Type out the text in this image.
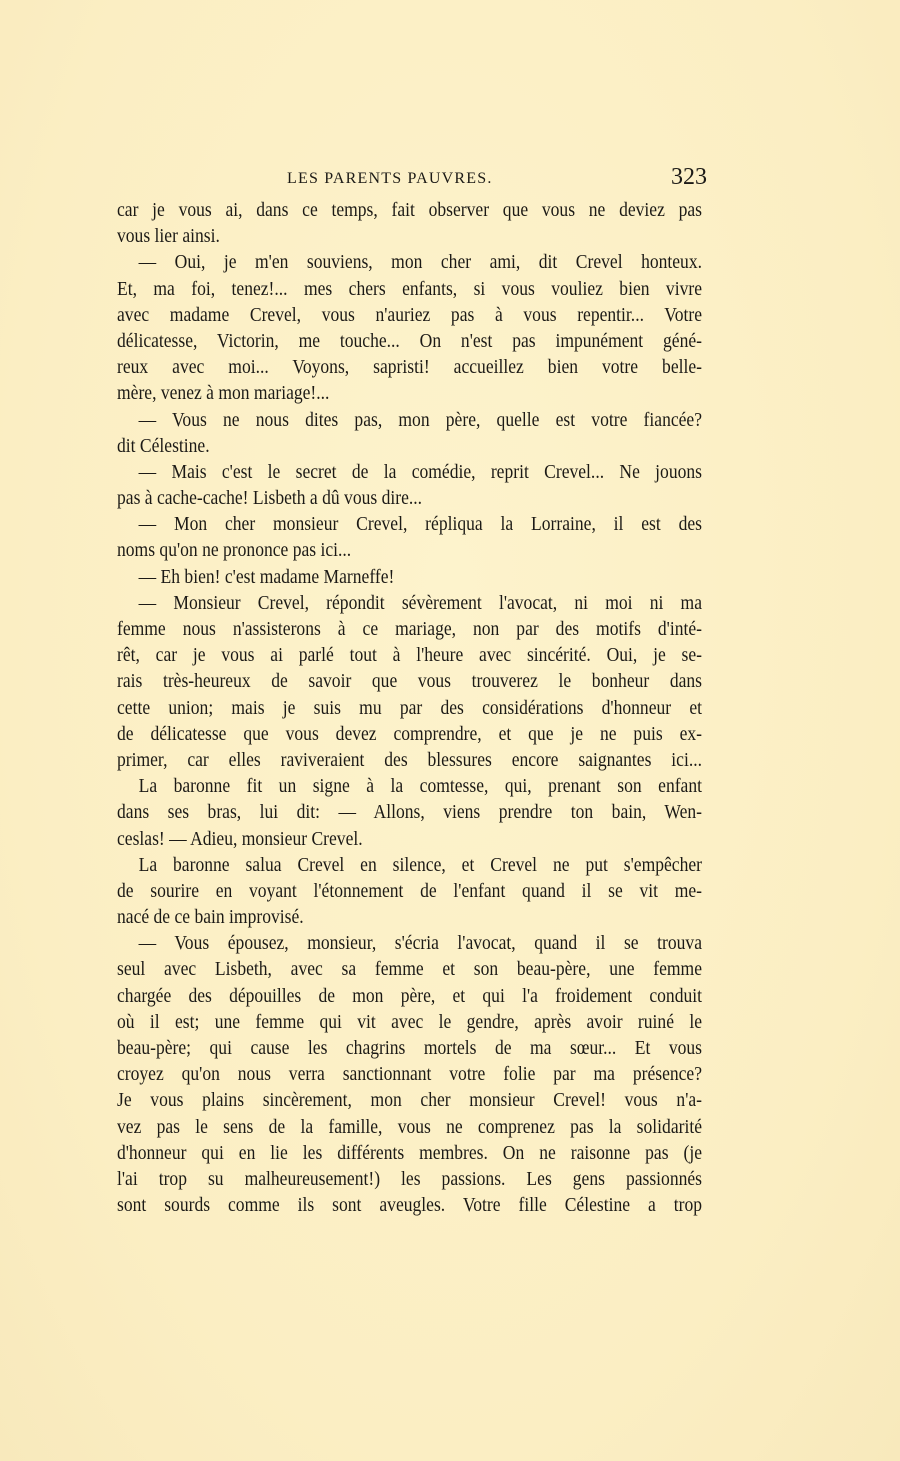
LES PARENTS PAUVRES.	323
car je vous ai, dans ce temps, fait observer que vous ne deviez pas
vous lier ainsi.
— Oui, je m'en souviens, mon cher ami, dit Crevel honteux.
Et, ma foi, tenez!... mes chers enfants, si vous vouliez bien vivre
avec madame Crevel, vous n'auriez pas à vous repentir... Votre
délicatesse, Victorin, me touche... On n'est pas impunément géné-
reux avec moi... Voyons, sapristi! accueillez bien votre belle-
mère, venez à mon mariage!...
— Vous ne nous dites pas, mon père, quelle est votre fiancée?
dit Célestine.
— Mais c'est le secret de la comédie, reprit Crevel... Ne jouons
pas à cache-cache! Lisbeth a dû vous dire...
— Mon cher monsieur Crevel, répliqua la Lorraine, il est des
noms qu'on ne prononce pas ici...
— Eh bien! c'est madame Marneffe!
— Monsieur Crevel, répondit sévèrement l'avocat, ni moi ni ma
femme nous n'assisterons à ce mariage, non par des motifs d'inté-
rêt, car je vous ai parlé tout à l'heure avec sincérité. Oui, je se-
rais très-heureux de savoir que vous trouverez le bonheur dans
cette union; mais je suis mu par des considérations d'honneur et
de délicatesse que vous devez comprendre, et que je ne puis ex-
primer, car elles raviveraient des blessures encore saignantes ici...
La baronne fit un signe à la comtesse, qui, prenant son enfant
dans ses bras, lui dit: — Allons, viens prendre ton bain, Wen-
ceslas! — Adieu, monsieur Crevel.
La baronne salua Crevel en silence, et Crevel ne put s'empêcher
de sourire en voyant l'étonnement de l'enfant quand il se vit me-
nacé de ce bain improvisé.
— Vous épousez, monsieur, s'écria l'avocat, quand il se trouva
seul avec Lisbeth, avec sa femme et son beau-père, une femme
chargée des dépouilles de mon père, et qui l'a froidement conduit
où il est; une femme qui vit avec le gendre, après avoir ruiné le
beau-père; qui cause les chagrins mortels de ma sœur... Et vous
croyez qu'on nous verra sanctionnant votre folie par ma présence?
Je vous plains sincèrement, mon cher monsieur Crevel! vous n'a-
vez pas le sens de la famille, vous ne comprenez pas la solidarité
d'honneur qui en lie les différents membres. On ne raisonne pas (je
l'ai trop su malheureusement!) les passions. Les gens passionnés
sont sourds comme ils sont aveugles. Votre fille Célestine a trop
